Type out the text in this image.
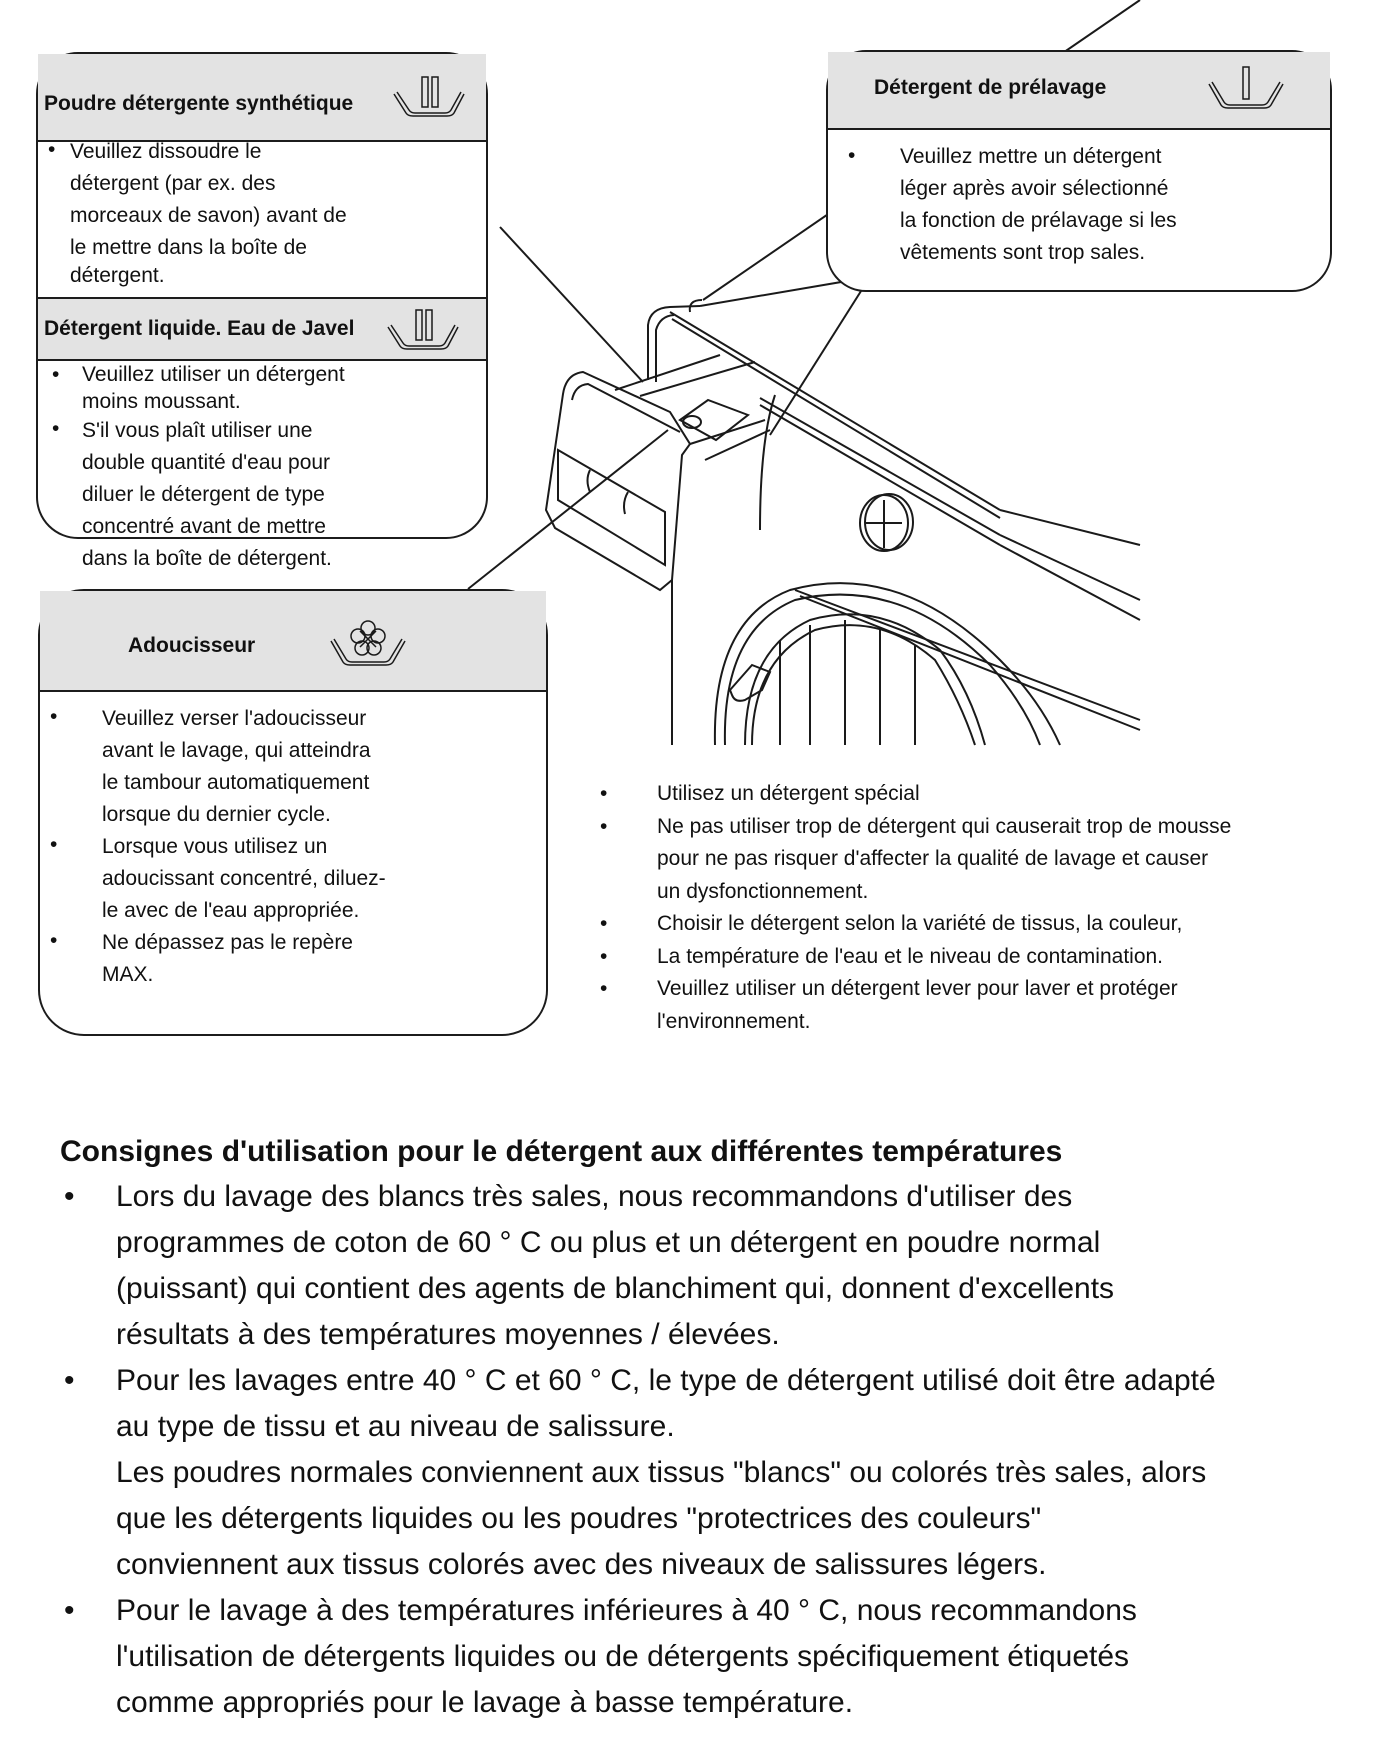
Poudre détergente synthétique
• Veuillez dissoudre le
détergent (par ex. des
morceaux de savon) avant de
le mettre dans la boîte de
détergent.
Détergent liquide. Eau de Javel
• Veuillez utiliser un détergent
moins moussant.
• S'il vous plaît utiliser une
double quantité d'eau pour
diluer le détergent de type
concentré avant de mettre
dans la boîte de détergent.
Détergent de prélavage
• Veuillez mettre un détergent
léger après avoir sélectionné
la fonction de prélavage si les
vêtements sont trop sales.
Adoucisseur
• Veuillez verser l'adoucisseur
avant le lavage, qui atteindra
le tambour automatiquement
lorsque du dernier cycle.
• Lorsque vous utilisez un
adoucissant concentré, diluez-
le avec de l'eau appropriée.
• Ne dépassez pas le repère
MAX.
• Utilisez un détergent spécial
• Ne pas utiliser trop de détergent qui causerait trop de mousse
pour ne pas risquer d'affecter la qualité de lavage et causer
un dysfonctionnement.
• Choisir le détergent selon la variété de tissus, la couleur,
• La température de l'eau et le niveau de contamination.
• Veuillez utiliser un détergent lever pour laver et protéger
l'environnement.
Consignes d'utilisation pour le détergent aux différentes températures
• Lors du lavage des blancs très sales, nous recommandons d'utiliser des
programmes de coton de 60 ° C ou plus et un détergent en poudre normal
(puissant) qui contient des agents de blanchiment qui, donnent d'excellents
résultats à des températures moyennes / élevées.
• Pour les lavages entre 40 ° C et 60 ° C, le type de détergent utilisé doit être adapté
au type de tissu et au niveau de salissure.
Les poudres normales conviennent aux tissus "blancs" ou colorés très sales, alors
que les détergents liquides ou les poudres "protectrices des couleurs"
conviennent aux tissus colorés avec des niveaux de salissures légers.
• Pour le lavage à des températures inférieures à 40 ° C, nous recommandons
l'utilisation de détergents liquides ou de détergents spécifiquement étiquetés
comme appropriés pour le lavage à basse température.
